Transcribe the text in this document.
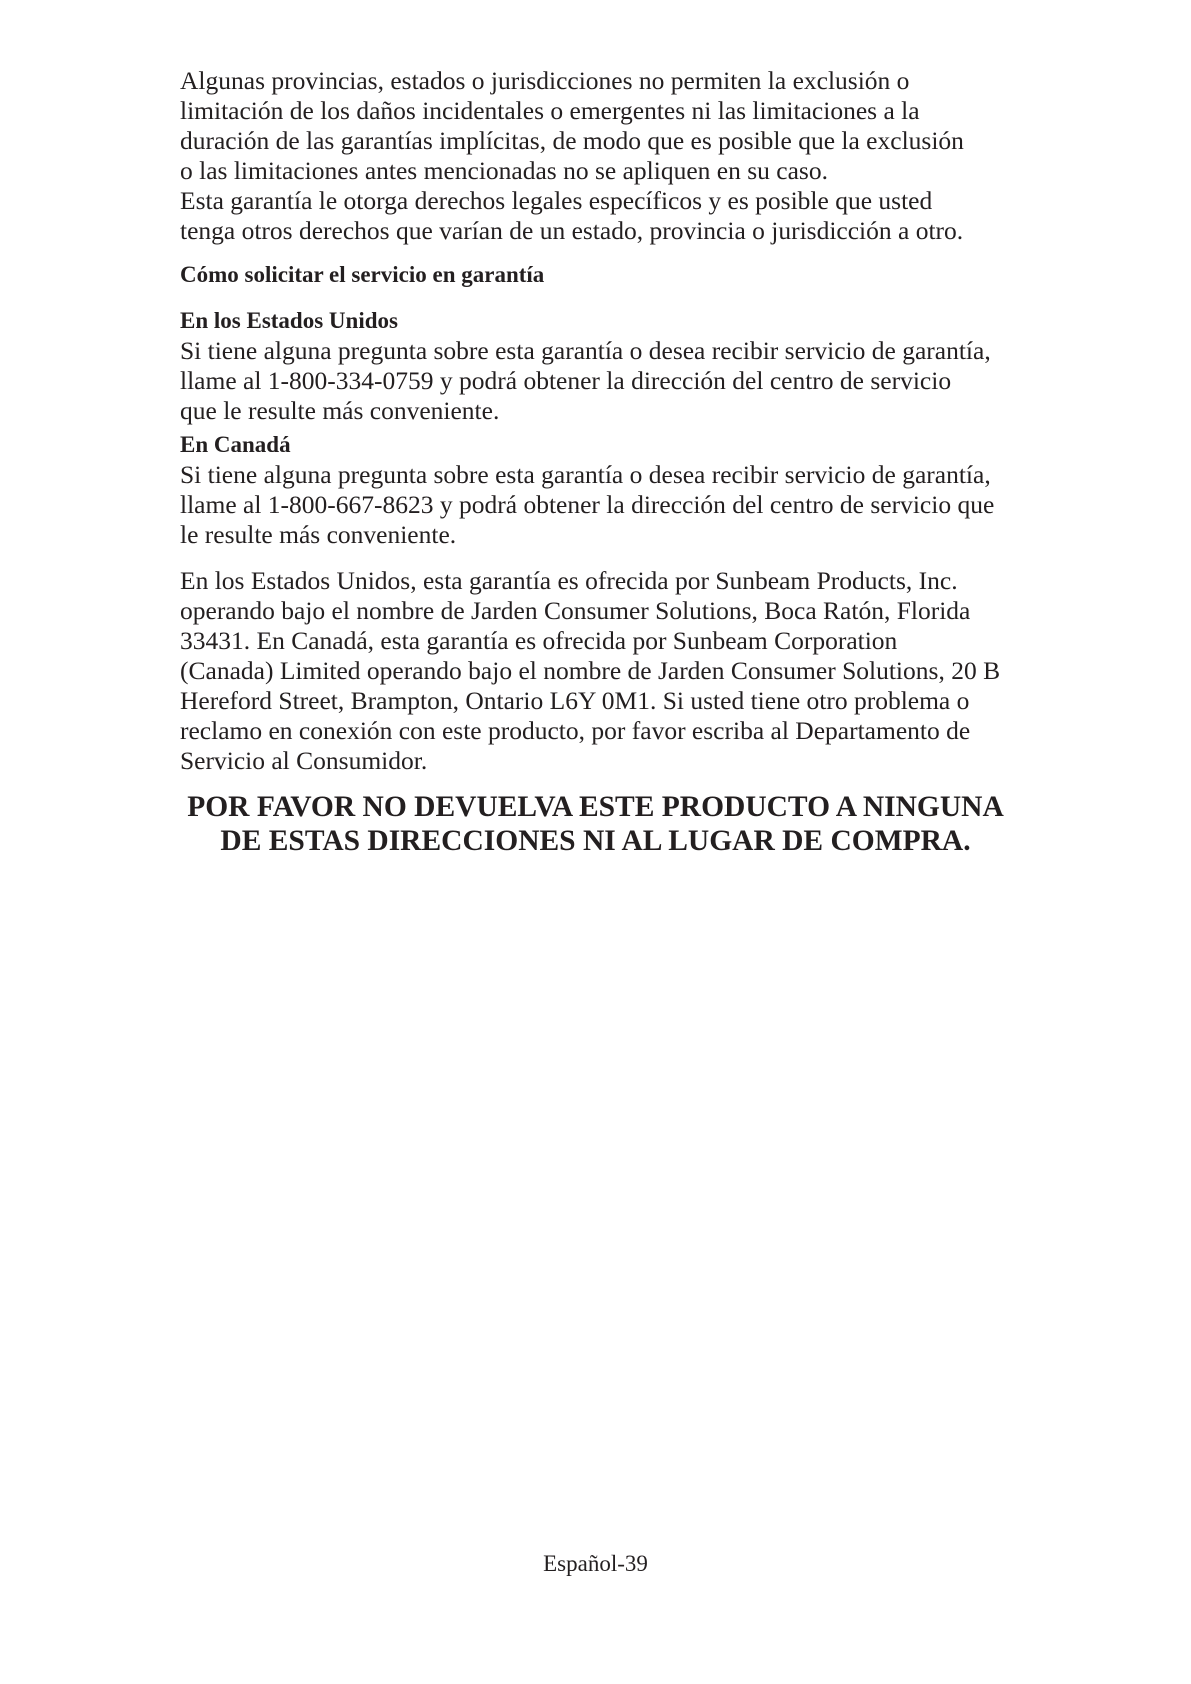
Algunas provincias, estados o jurisdicciones no permiten la exclusión o
limitación de los daños incidentales o emergentes ni las limitaciones a la
duración de las garantías implícitas, de modo que es posible que la exclusión
o las limitaciones antes mencionadas no se apliquen en su caso.
Esta garantía le otorga derechos legales específicos y es posible que usted
tenga otros derechos que varían de un estado, provincia o jurisdicción a otro.

Cómo solicitar el servicio en garantía
En los Estados Unidos

Si tiene alguna pregunta sobre esta garantía o desea recibir servicio de garantía,
llame al 1-800-334-0759 y podrá obtener la dirección del centro de servicio
que le resulte más conveniente.

En Canadá

Si tiene alguna pregunta sobre esta garantía o desea recibir servicio de garantía,
llame al 1-800-667-8623 y podrá obtener la dirección del centro de servicio que
le resulte más conveniente.

En los Estados Unidos, esta garantía es ofrecida por Sunbeam Products, Inc.
operando bajo el nombre de Jarden Consumer Solutions, Boca Ratón, Florida
33431. En Canadá, esta garantía es ofrecida por Sunbeam Corporation
(Canada) Limited operando bajo el nombre de Jarden Consumer Solutions, 20 B
Hereford Street, Brampton, Ontario L6Y 0M1. Si usted tiene otro problema o
reclamo en conexión con este producto, por favor escriba al Departamento de
Servicio al Consumidor.

POR FAVOR NO DEVUELVA ESTE PRODUCTO A NINGUNA
DE ESTAS DIRECCIONES NI AL LUGAR DE COMPRA.

Español-39
